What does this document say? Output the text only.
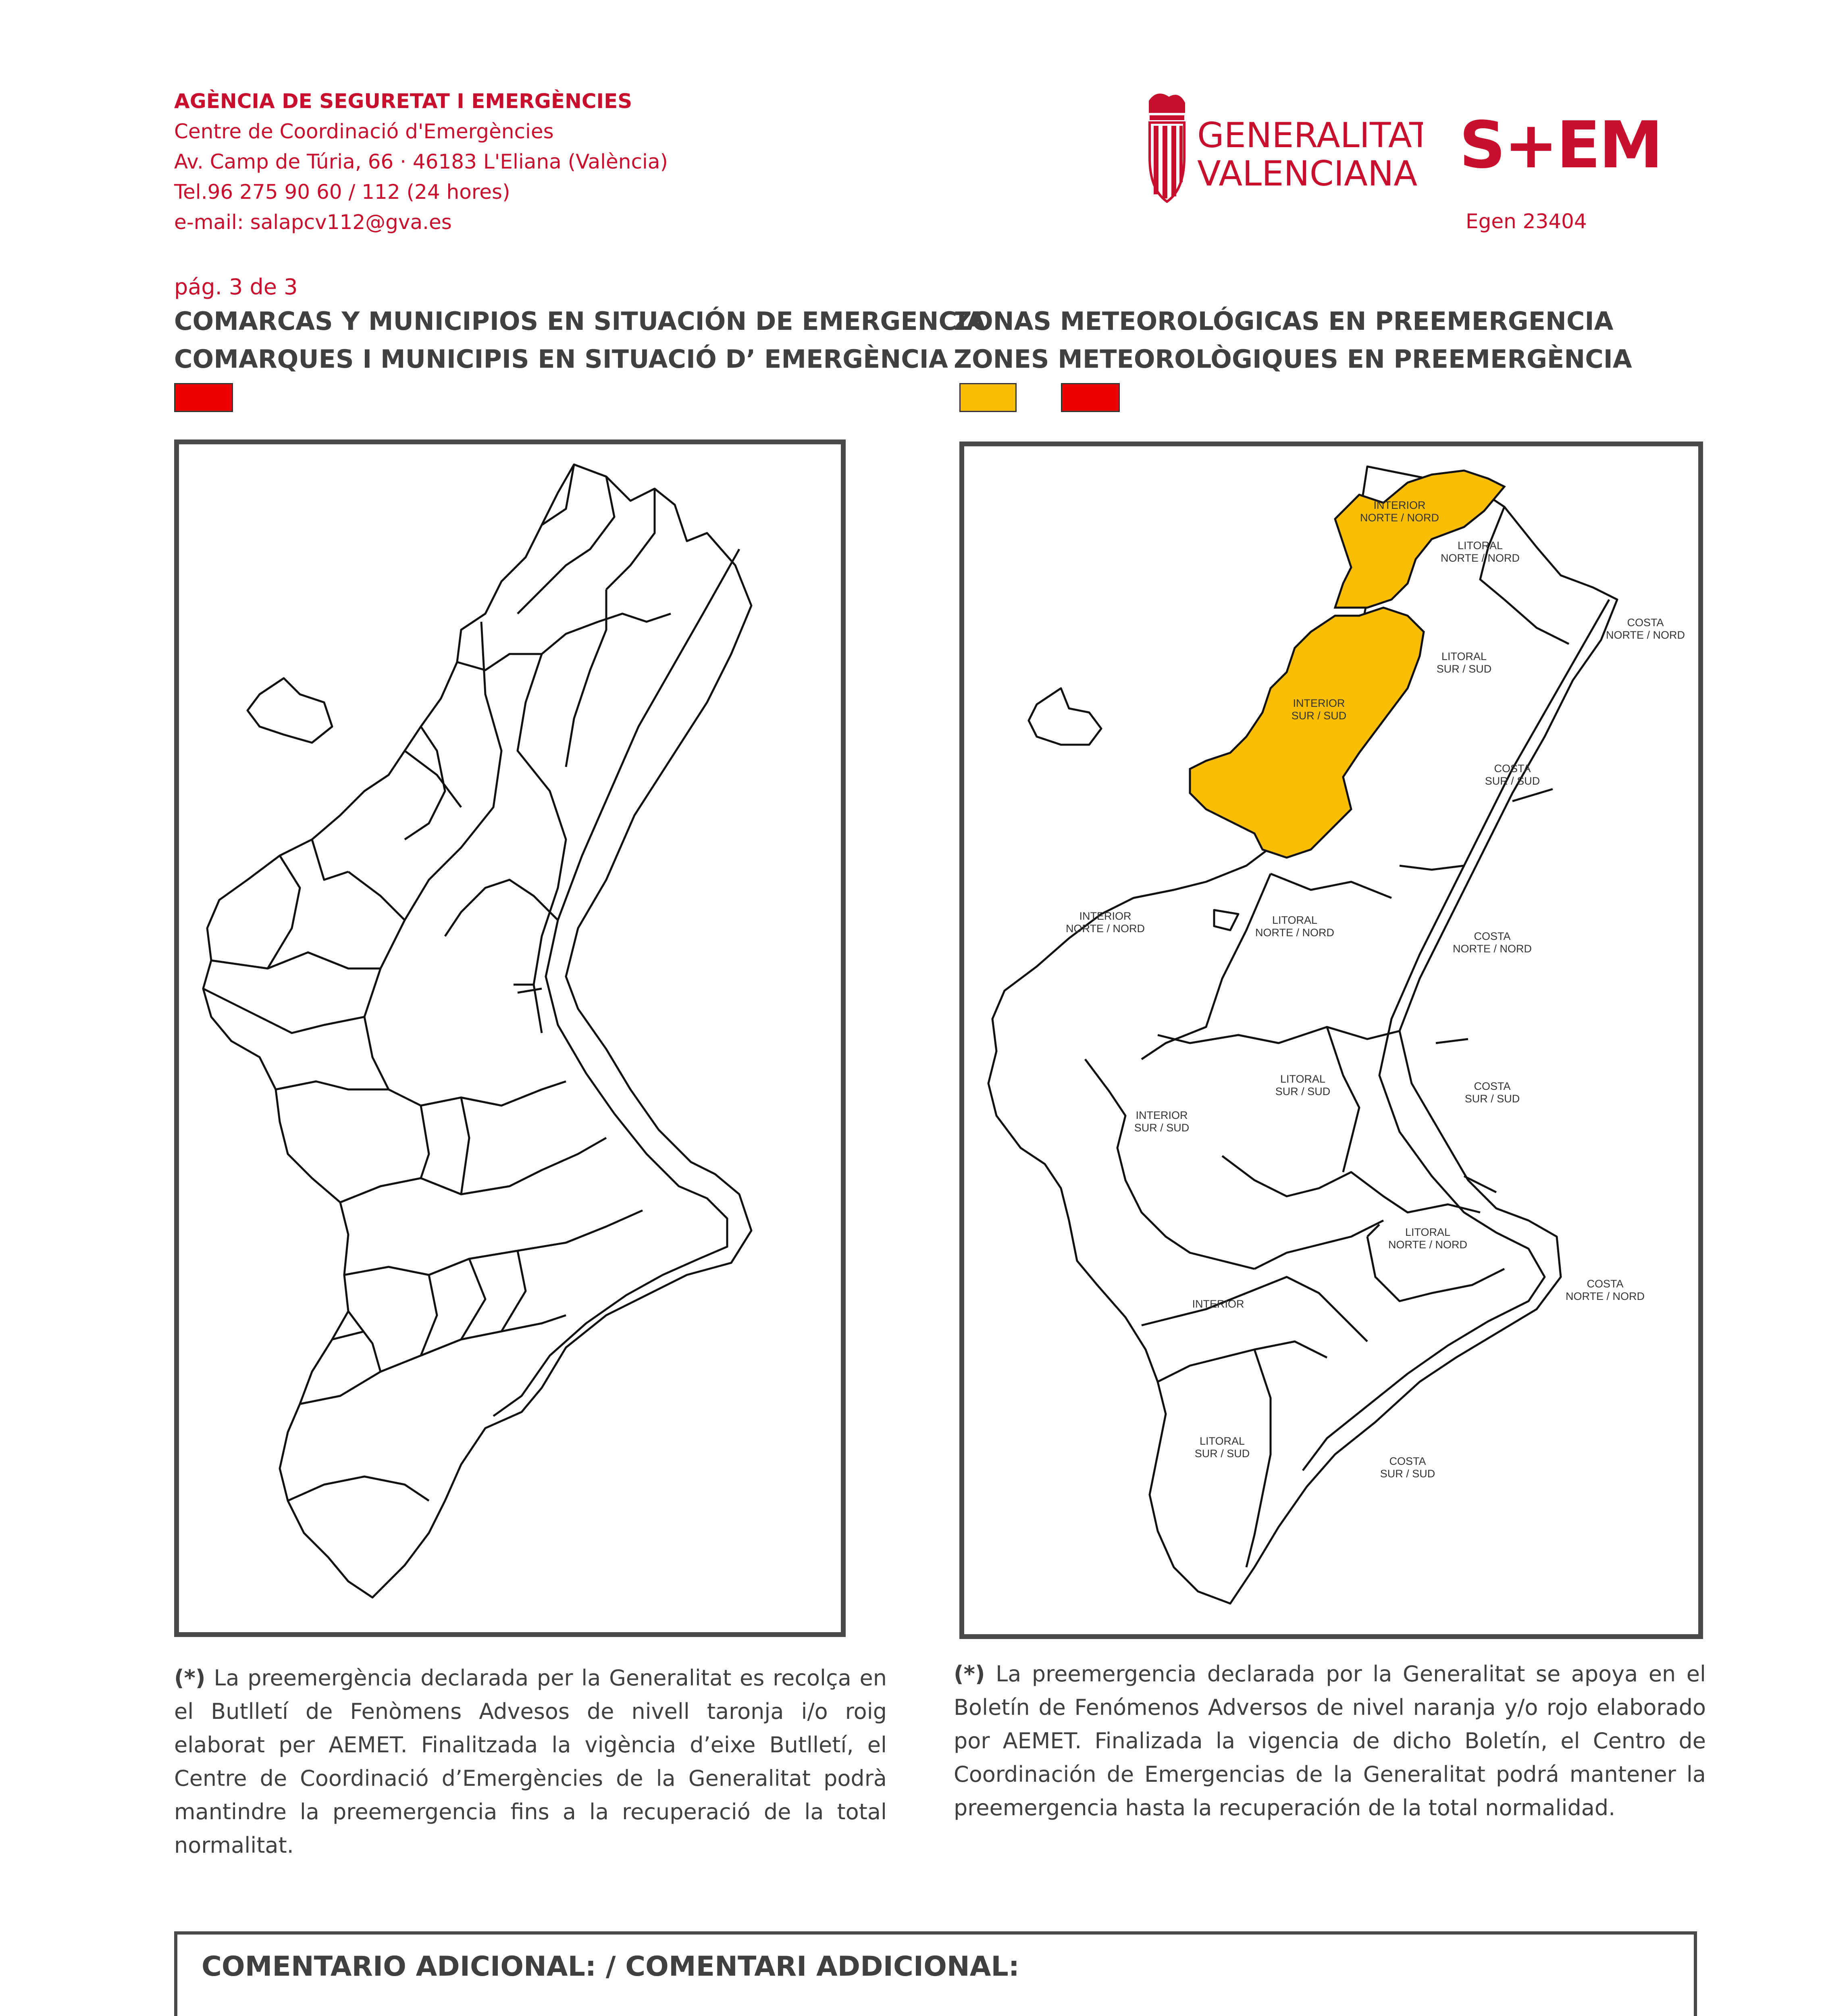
AGÈNCIA DE SEGURETAT I EMERGÈNCIES
Centre de Coordinació d'Emergències
Av. Camp de Túria, 66 · 46183 L'Eliana (València)
Tel.96 275 90 60 / 112 (24 hores)
e-mail: salapcv112@gva.es
GENERALITAT
VALENCIANA S+EM
Egen 23404
pág. 3 de 3
COMARCAS Y MUNICIPIOS EN SITUACIÓN DE EMERGENCIA
COMARQUES I MUNICIPIS EN SITUACIÓ D’ EMERGÈNCIA
ZONAS METEOROLÓGICAS EN PREEMERGENCIA
ZONES METEOROLÒGIQUES EN PREEMERGÈNCIA
INTERIOR
NORTE / NORD
LITORAL
NORTE / NORD
COSTA
NORTE / NORD
LITORAL
SUR / SUD
INTERIOR
SUR / SUD
COSTA
SUR / SUD
INTERIOR
NORTE / NORD
LITORAL
NORTE / NORD	COSTA
NORTE / NORD
LITORAL
SUR / SUD	COSTA
SUR / SUD
INTERIOR
SUR / SUD
LITORAL
NORTE / NORD
COSTA
NORTE / NORD
INTERIOR
LITORAL
SUR / SUD
COSTA
SUR / SUD
(*) La preemergència declarada per la Generalitat es recolça en el Butlletí de Fenòmens Advesos de nivell taronja i/o roig elaborat per AEMET. Finalitzada la vigència d’eixe Butlletí, el Centre de Coordinació d’Emergències de la Generalitat podrà mantindre la preemergencia fins a la recuperació de la total normalitat.
(*) La preemergencia declarada por la Generalitat se apoya en el Boletín de Fenómenos Adversos de nivel naranja y/o rojo elaborado por AEMET. Finalizada la vigencia de dicho Boletín, el Centro de Coordinación de Emergencias de la Generalitat podrá mantener la preemergencia hasta la recuperación de la total normalidad.
COMENTARIO ADICIONAL: / COMENTARI ADDICIONAL:
